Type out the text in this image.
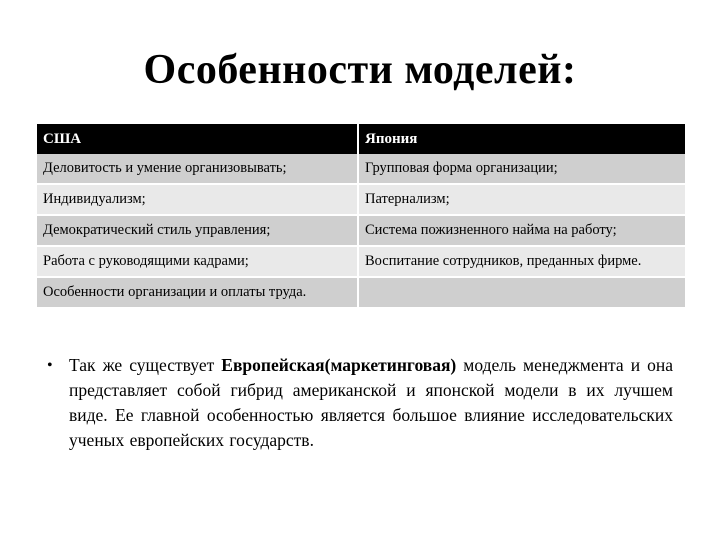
Особенности моделей:
США	Япония
Деловитость и умение организовывать;	Групповая форма организации;
Индивидуализм;	Патернализм;
Демократический стиль управления;	Система пожизненного найма на работу;
Работа с руководящими кадрами;	Воспитание сотрудников, преданных фирме.
Особенности организации и оплаты труда.	
• Так же существует Европейская(маркетинговая) модель менеджмента и она представляет собой гибрид американской и японской модели в их лучшем виде. Ее главной особенностью является большое влияние исследовательских ученых европейских государств.
